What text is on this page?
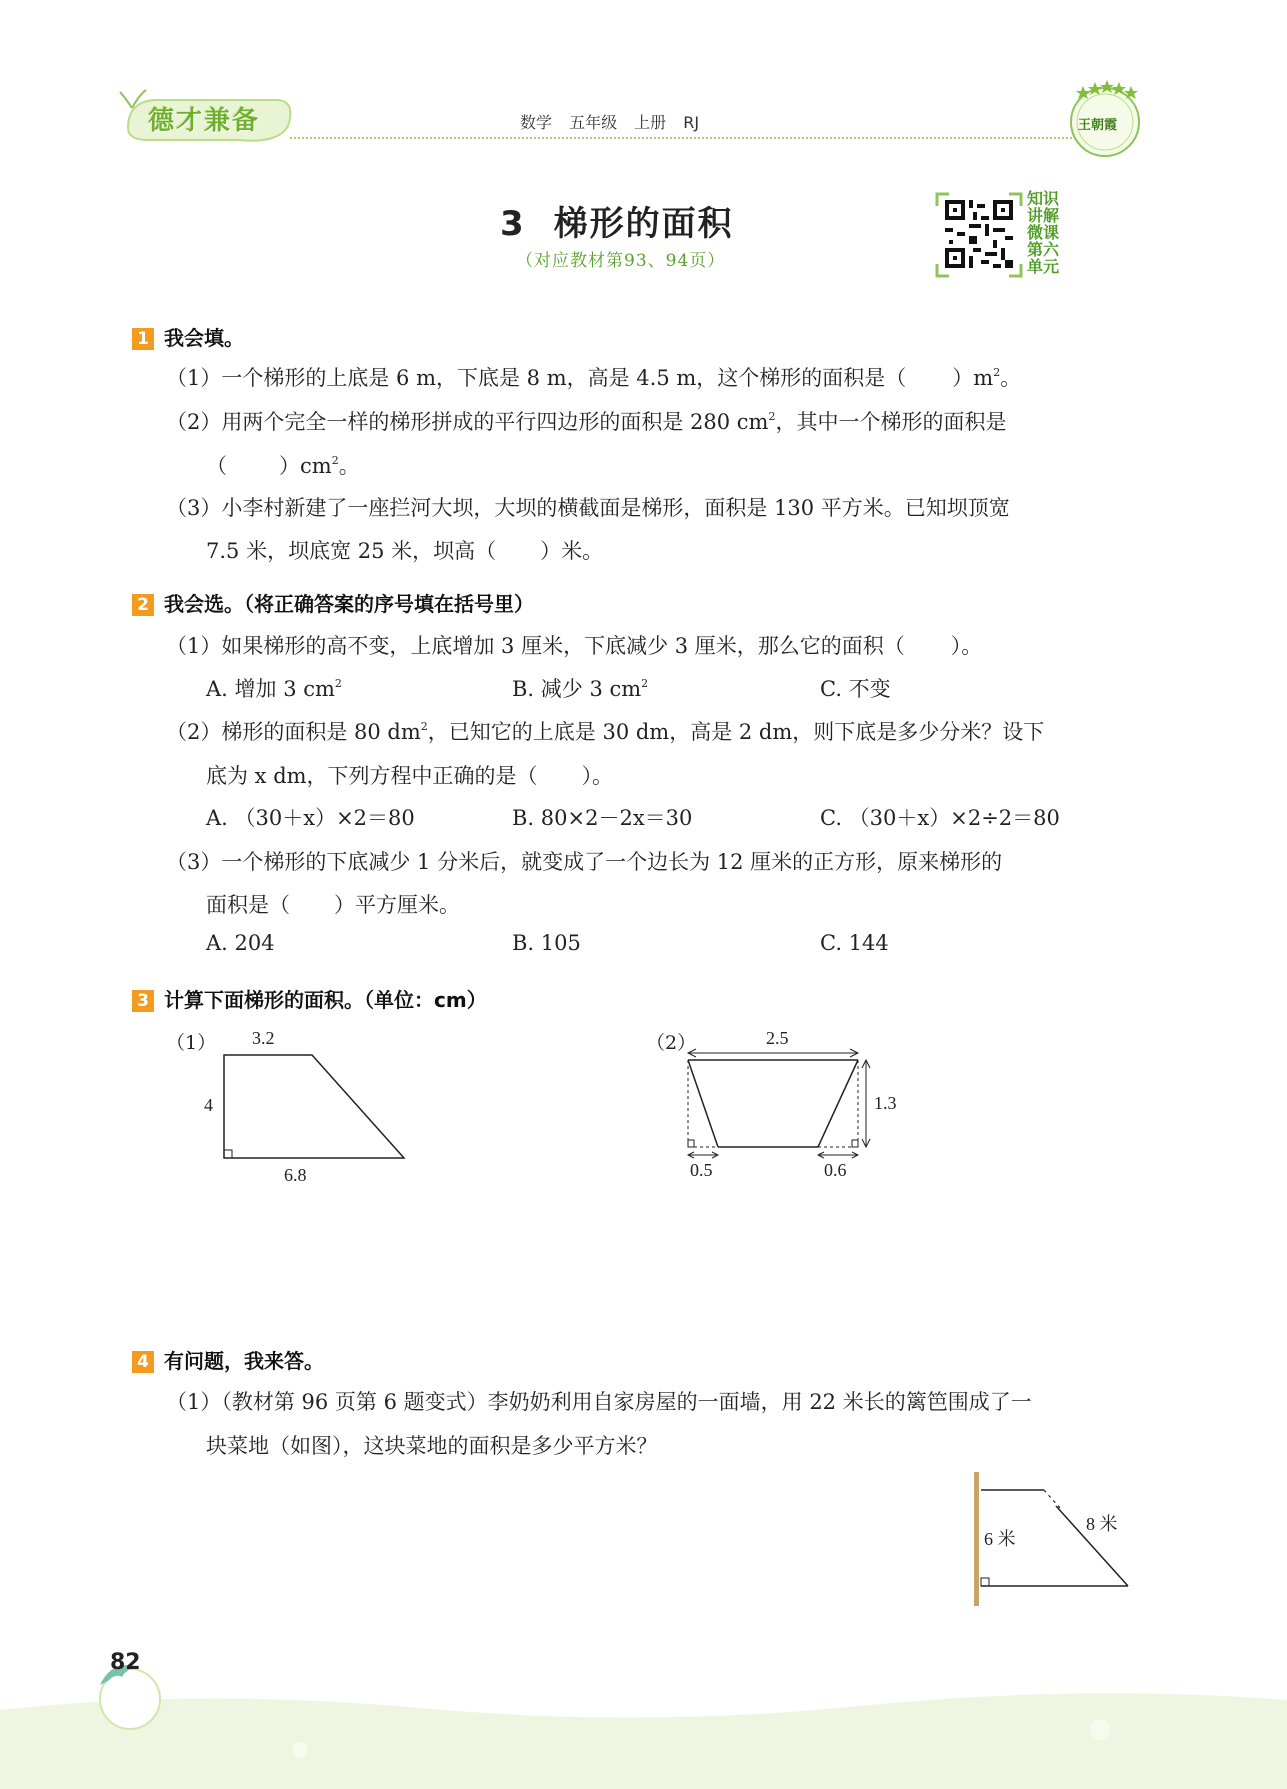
德才兼备	数学 五年级 上册 RJ	王朝霞
3 梯形的面积
（对应教材第93、94页）
知识讲解微课第六单元
1 我会填。
（1）一个梯形的上底是 6 m，下底是 8 m，高是 4.5 m，这个梯形的面积是（ ）$m^2$。
（2）用两个完全一样的梯形拼成的平行四边形的面积是 280 $cm^2$，其中一个梯形的面积是
（ ）$cm^2$。
（3）小李村新建了一座拦河大坝，大坝的横截面是梯形，面积是 130 平方米。已知坝顶宽
7.5 米，坝底宽 25 米，坝高（ ）米。
2 我会选。（将正确答案的序号填在括号里）
（1）如果梯形的高不变，上底增加 3 厘米，下底减少 3 厘米，那么它的面积（ ）。
A. 增加 3 $cm^2$	B. 减少 3 $cm^2$	C. 不变
（2）梯形的面积是 80 $dm^2$，已知它的上底是 30 dm，高是 2 dm，则下底是多少分米？设下
底为 x dm，下列方程中正确的是（ ）。
A. （30＋x）×2＝80	B. 80×2－2x＝30	C. （30＋x）×2÷2＝80
（3）一个梯形的下底减少 1 分米后，就变成了一个边长为 12 厘米的正方形，原来梯形的
面积是（ ）平方厘米。
A. 204	B. 105	C. 144
3 计算下面梯形的面积。（单位：cm）
（1） 3.2
4
6.8
（2）	2.5
1.3
0.5	0.6
4 有问题，我来答。
（1）（教材第 96 页第 6 题变式）李奶奶利用自家房屋的一面墙，用 22 米长的篱笆围成了一
块菜地（如图），这块菜地的面积是多少平方米？
6 米
8 米
82
